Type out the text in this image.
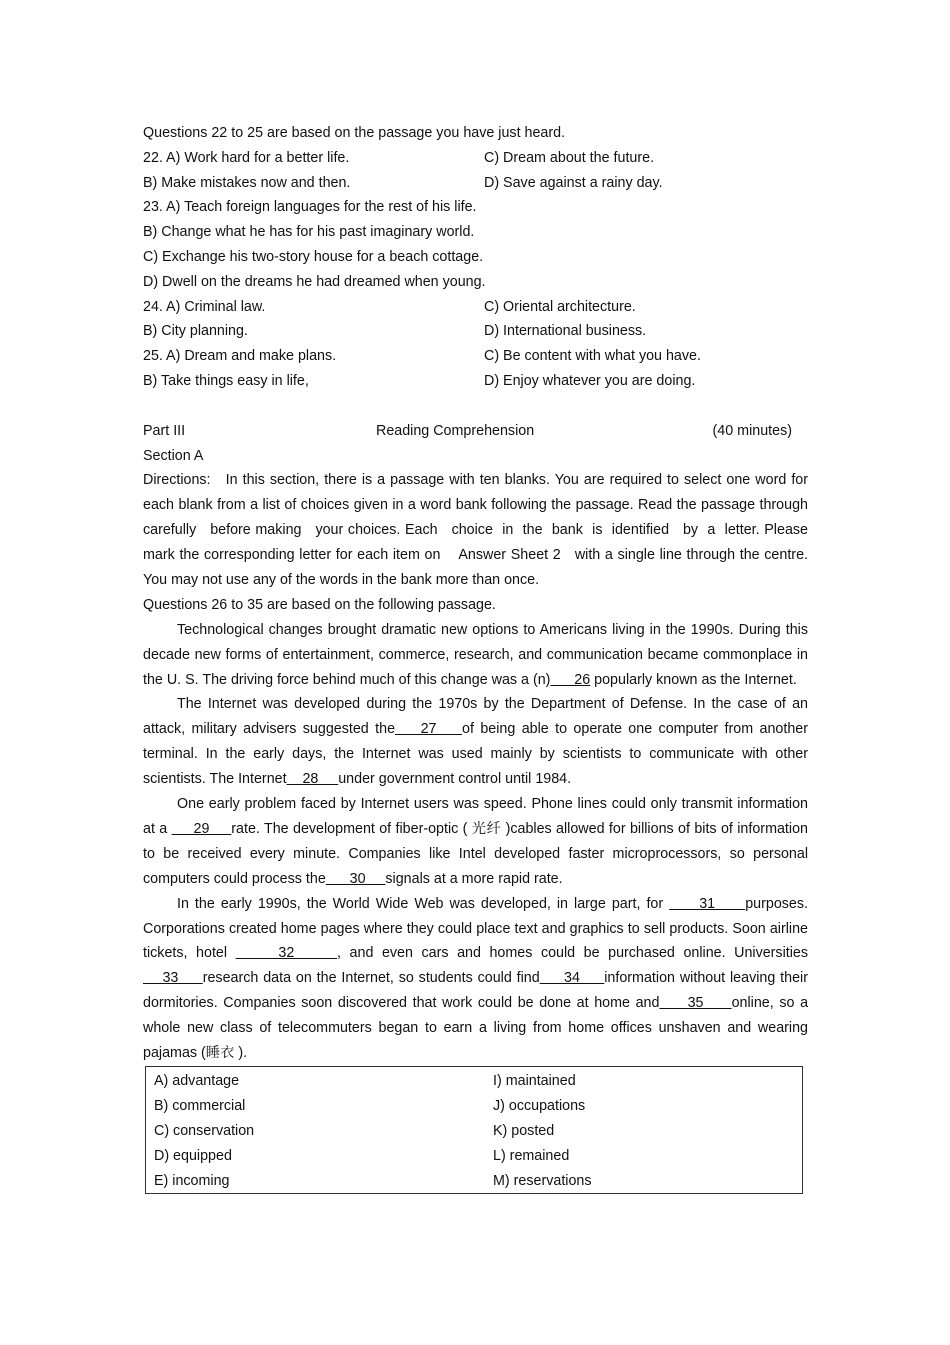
Questions 22 to 25 are based on the passage you have just heard.
22. A) Work hard for a better life.	C) Dream about the future.
B) Make mistakes now and then.	D) Save against a rainy day.
23. A) Teach foreign languages for the rest of his life.
B) Change what he has for his past imaginary world.
C) Exchange his two-story house for a beach cottage.
D) Dwell on the dreams he had dreamed when young.
24. A) Criminal law.	C) Oriental architecture.
B) City planning.	D) International business.
25. A) Dream and make plans.	C) Be content with what you have.
B) Take things easy in life,	D) Enjoy whatever you are doing.
Part III	Reading Comprehension	(40 minutes)
Section A

Directions:   In this section, there is a passage with ten blanks. You are required to select one word for each blank from a list of choices given in a word bank following the passage. Read the passage through carefully   before making   your choices. Each   choice  in  the  bank  is  identified   by  a  letter. Please mark the corresponding letter for each item on    Answer Sheet 2   with a single line through the centre. You may not use any of the words in the bank more than once.

Questions 26 to 35 are based on the following passage.

Technological changes brought dramatic new options to Americans living in the 1990s. During this decade new forms of entertainment, commerce, research, and communication became commonplace in the U. S. The driving force behind much of this change was a (n)      26 popularly known as the Internet.

The Internet was developed during the 1970s by the Department of Defense. In the case of an attack, military advisers suggested the    27    of being able to operate one computer from another terminal. In the early days, the Internet was used mainly by scientists to communicate with other scientists. The Internet    28     under government control until 1984.

One early problem faced by Internet users was speed. Phone lines could only transmit information at a      29     rate. The development of fiber-optic ( 光纤 )cables allowed for billions of bits of information to be received every minute. Companies like Intel developed faster microprocessors, so personal computers could process the      30     signals at a more rapid rate.

In the early 1990s, the World Wide Web was developed, in large part, for      31     purposes. Corporations created home pages where they could place text and graphics to sell products. Soon airline tickets, hotel      32     , and even cars and homes could be purchased online. Universities    33     research data on the Internet, so students could find     34     information without leaving their dormitories. Companies soon discovered that work could be done at home and     35     online, so a whole new class of telecommuters began to earn a living from home offices unshaven and wearing pajamas (睡衣 ).

A) advantage	I) maintained
B) commercial	J) occupations
C) conservation	K) posted
D) equipped	L) remained
E) incoming	M) reservations
